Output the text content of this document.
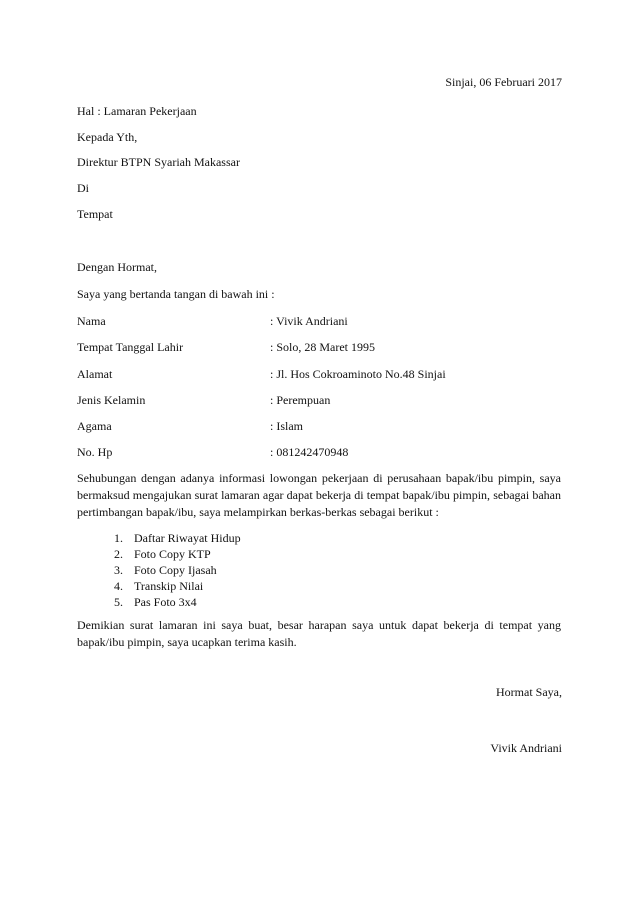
Sinjai, 06 Februari 2017
Hal : Lamaran Pekerjaan
Kepada Yth,
Direktur BTPN Syariah Makassar
Di
Tempat
Dengan Hormat,
Saya yang bertanda tangan di bawah ini :
Nama	: Vivik Andriani
Tempat Tanggal Lahir	: Solo, 28 Maret 1995
Alamat	: Jl. Hos Cokroaminoto No.48 Sinjai
Jenis Kelamin	: Perempuan
Agama	: Islam
No. Hp	: 081242470948
Sehubungan dengan adanya informasi lowongan pekerjaan di perusahaan bapak/ibu pimpin, saya bermaksud mengajukan surat lamaran agar dapat bekerja di tempat bapak/ibu pimpin, sebagai bahan pertimbangan bapak/ibu, saya melampirkan berkas-berkas sebagai berikut :
1. Daftar Riwayat Hidup
2. Foto Copy KTP
3. Foto Copy Ijasah
4. Transkip Nilai
5. Pas Foto 3x4
Demikian surat lamaran ini saya buat, besar harapan saya untuk dapat bekerja di tempat yang bapak/ibu pimpin, saya ucapkan terima kasih.
Hormat Saya,
Vivik Andriani
